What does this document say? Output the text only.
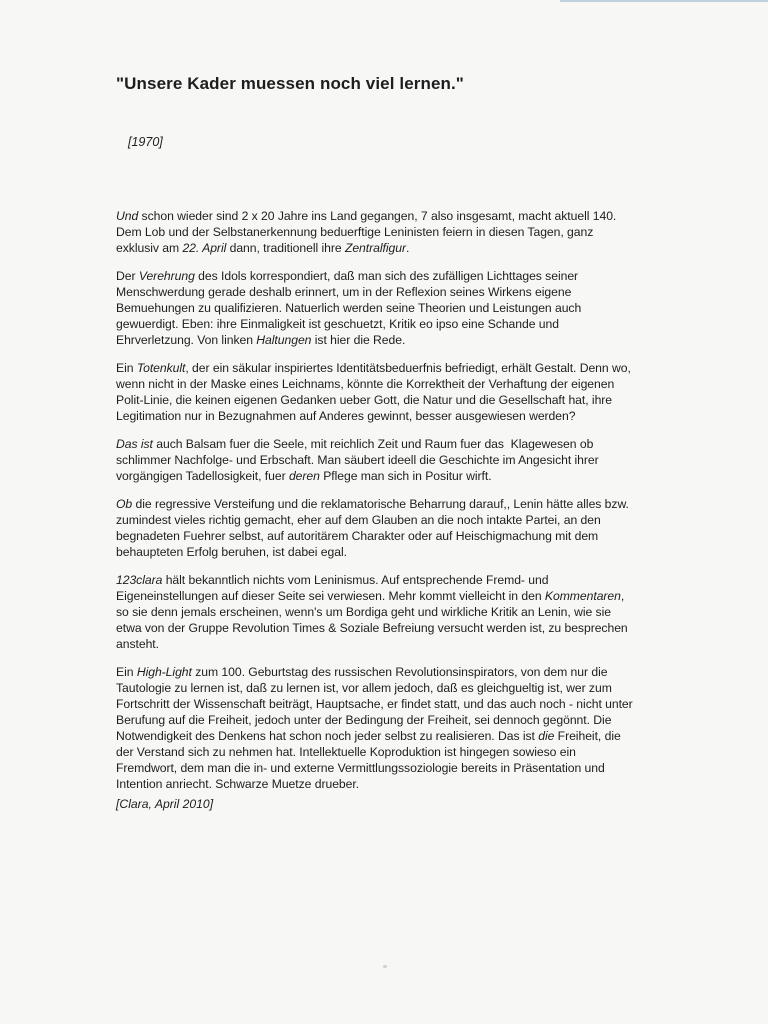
"Unsere Kader muessen noch viel lernen."
[1970]

Und schon wieder sind 2 x 20 Jahre ins Land gegangen, 7 also insgesamt, macht aktuell 140. Dem Lob und der Selbstanerkennung beduerftige Leninisten feiern in diesen Tagen, ganz exklusiv am 22. April dann, traditionell ihre Zentralfigur.

Der Verehrung des Idols korrespondiert, daß man sich des zufälligen Lichttages seiner Menschwerdung gerade deshalb erinnert, um in der Reflexion seines Wirkens eigene Bemuehungen zu qualifizieren. Natuerlich werden seine Theorien und Leistungen auch gewuerdigt. Eben: ihre Einmaligkeit ist geschuetzt, Kritik eo ipso eine Schande und Ehrverletzung. Von linken Haltungen ist hier die Rede.

Ein Totenkult, der ein säkular inspiriertes Identitätsbeduerfnis befriedigt, erhält Gestalt. Denn wo, wenn nicht in der Maske eines Leichnams, könnte die Korrektheit der Verhaftung der eigenen Polit-Linie, die keinen eigenen Gedanken ueber Gott, die Natur und die Gesellschaft hat, ihre Legitimation nur in Bezugnahmen auf Anderes gewinnt, besser ausgewiesen werden?

Das ist auch Balsam fuer die Seele, mit reichlich Zeit und Raum fuer das  Klagewesen ob schlimmer Nachfolge- und Erbschaft. Man säubert ideell die Geschichte im Angesicht ihrer vorgängigen Tadellosigkeit, fuer deren Pflege man sich in Positur wirft.

Ob die regressive Versteifung und die reklamatorische Beharrung darauf,, Lenin hätte alles bzw. zumindest vieles richtig gemacht, eher auf dem Glauben an die noch intakte Partei, an den begnadeten Fuehrer selbst, auf autoritärem Charakter oder auf Heischigmachung mit dem behaupteten Erfolg beruhen, ist dabei egal.

123clara hält bekanntlich nichts vom Leninismus. Auf entsprechende Fremd- und Eigeneinstellungen auf dieser Seite sei verwiesen. Mehr kommt vielleicht in den Kommentaren, so sie denn jemals erscheinen, wenn's um Bordiga geht und wirkliche Kritik an Lenin, wie sie etwa von der Gruppe Revolution Times & Soziale Befreiung versucht werden ist, zu besprechen ansteht.

Ein High-Light zum 100. Geburtstag des russischen Revolutionsinspirators, von dem nur die Tautologie zu lernen ist, daß zu lernen ist, vor allem jedoch, daß es gleichgueltig ist, wer zum Fortschritt der Wissenschaft beiträgt, Hauptsache, er findet statt, und das auch noch - nicht unter Berufung auf die Freiheit, jedoch unter der Bedingung der Freiheit, sei dennoch gegönnt. Die Notwendigkeit des Denkens hat schon noch jeder selbst zu realisieren. Das ist die Freiheit, die der Verstand sich zu nehmen hat. Intellektuelle Koproduktion ist hingegen sowieso ein Fremdwort, dem man die in- und externe Vermittlungssoziologie bereits in Präsentation und Intention anriecht. Schwarze Muetze drueber.

[Clara, April 2010]
